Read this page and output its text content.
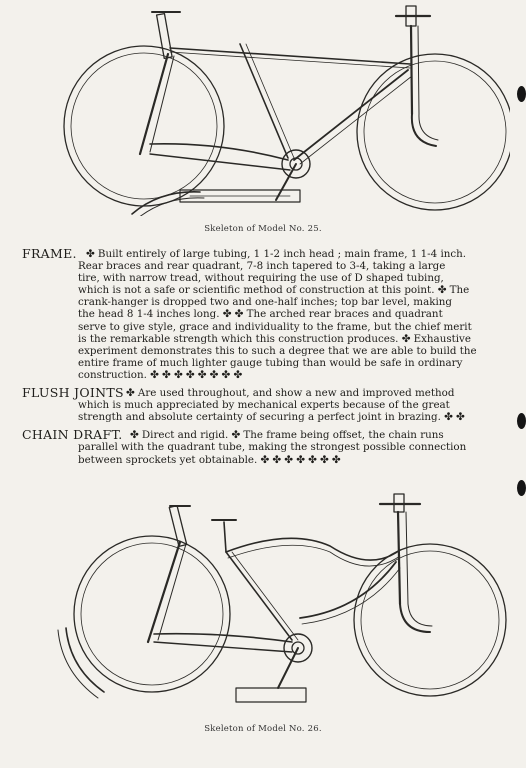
Skeleton of Model No. 25.
FRAME. ✤ Built entirely of large tubing, 1 1-2 inch head ; main frame, 1 1-4 inch.
Rear braces and rear quadrant, 7-8 inch tapered to 3-4, taking a large
tire, with narrow tread, without requiring the use of D shaped tubing,
which is not a safe or scientific method of construction at this point. ✤ The
crank-hanger is dropped two and one-half inches; top bar level, making
the head 8 1-4 inches long. ✤ ✤ The arched rear braces and quadrant
serve to give style, grace and individuality to the frame, but the chief merit
is the remarkable strength which this construction produces. ✤ Exhaustive
experiment demonstrates this to such a degree that we are able to build the
entire frame of much lighter gauge tubing than would be safe in ordinary
construction. ✤ ✤ ✤ ✤ ✤ ✤ ✤ ✤
FLUSH JOINTS ✤ Are used throughout, and show a new and improved method
which is much appreciated by mechanical experts because of the great
strength and absolute certainty of securing a perfect joint in brazing. ✤ ✤
CHAIN DRAFT. ✤ Direct and rigid. ✤ The frame being offset, the chain runs
parallel with the quadrant tube, making the strongest possible connection
between sprockets yet obtainable. ✤ ✤ ✤ ✤ ✤ ✤ ✤
Skeleton of Model No. 26.
